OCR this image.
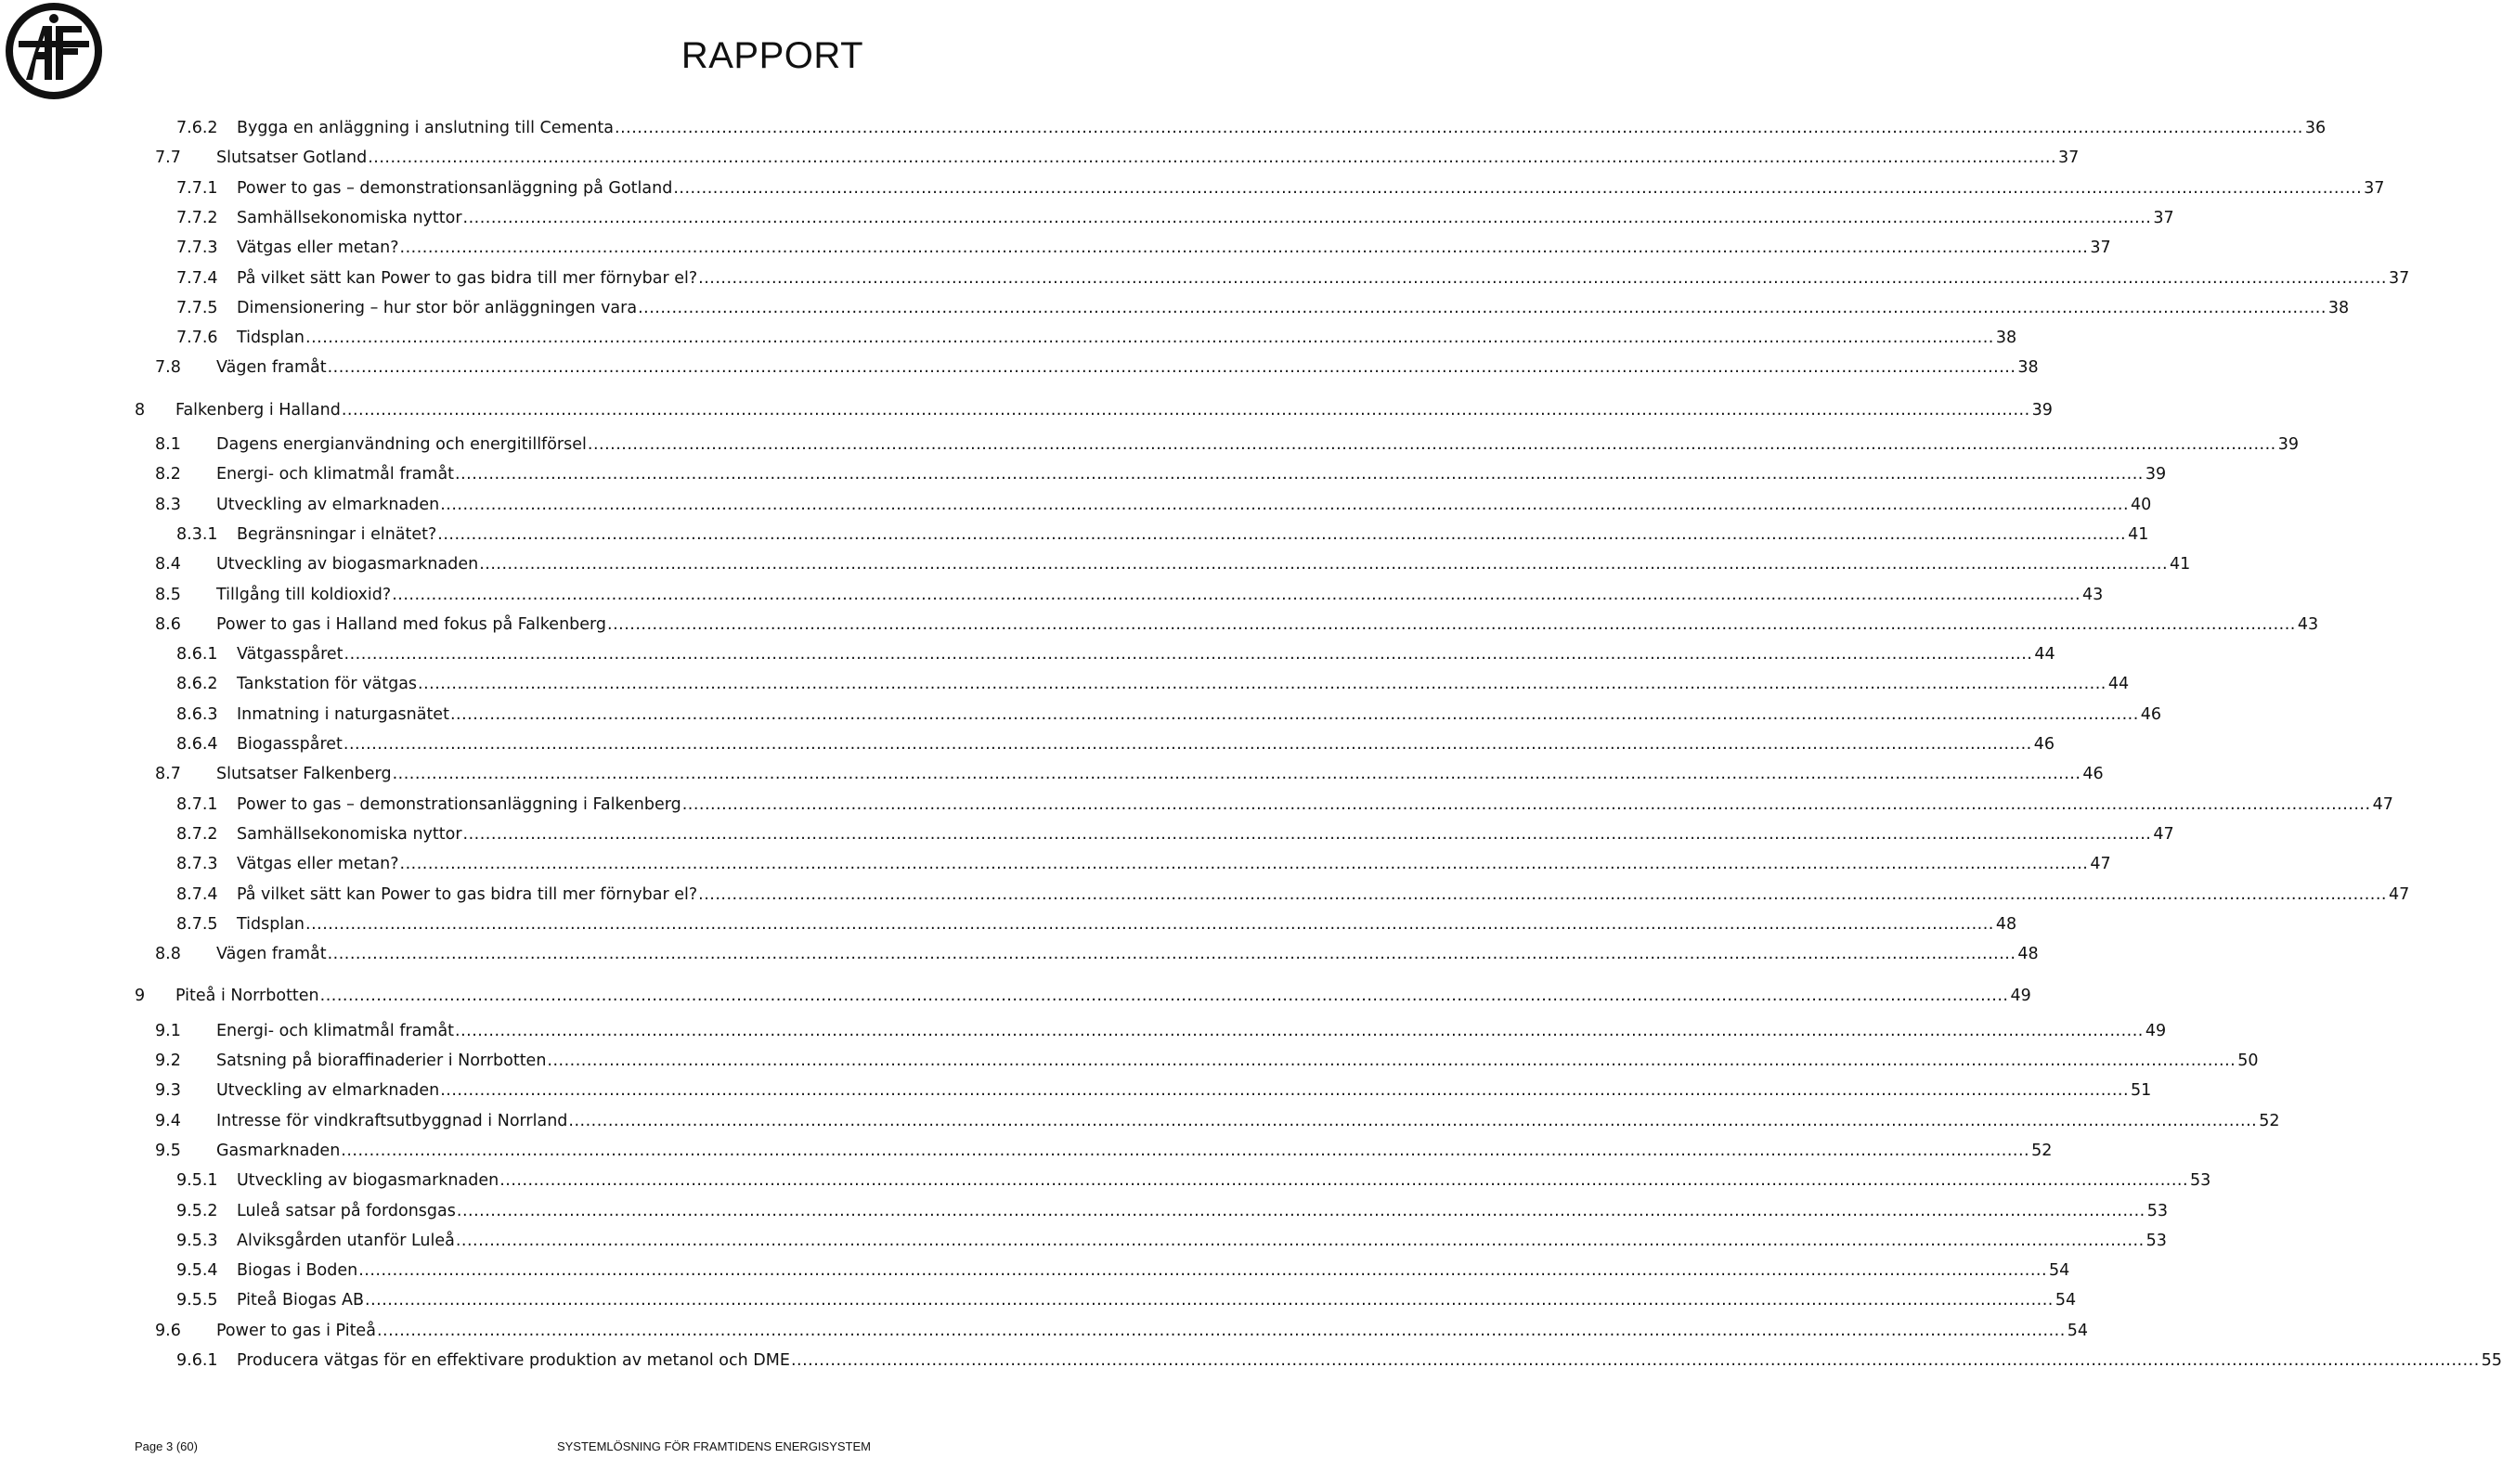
RAPPORT
7.6.2	Bygga en anläggning i anslutning till Cementa ............................................................................................................................................................................................................................................................................................................ 36
7.7	Slutsatser Gotland ............................................................................................................................................................................................................................................................................................................ 37
7.7.1	Power to gas – demonstrationsanläggning på Gotland ............................................................................................................................................................................................................................................................................................................ 37
7.7.2	Samhällsekonomiska nyttor ............................................................................................................................................................................................................................................................................................................ 37
7.7.3	Vätgas eller metan? ............................................................................................................................................................................................................................................................................................................ 37
7.7.4	På vilket sätt kan Power to gas bidra till mer förnybar el? ............................................................................................................................................................................................................................................................................................................ 37
7.7.5	Dimensionering – hur stor bör anläggningen vara ............................................................................................................................................................................................................................................................................................................ 38
7.7.6	Tidsplan ............................................................................................................................................................................................................................................................................................................ 38
7.8	Vägen framåt ............................................................................................................................................................................................................................................................................................................ 38
8	Falkenberg i Halland ............................................................................................................................................................................................................................................................................................................ 39
8.1	Dagens energianvändning och energitillförsel ............................................................................................................................................................................................................................................................................................................ 39
8.2	Energi- och klimatmål framåt ............................................................................................................................................................................................................................................................................................................ 39
8.3	Utveckling av elmarknaden ............................................................................................................................................................................................................................................................................................................ 40
8.3.1	Begränsningar i elnätet? ............................................................................................................................................................................................................................................................................................................ 41
8.4	Utveckling av biogasmarknaden ............................................................................................................................................................................................................................................................................................................ 41
8.5	Tillgång till koldioxid? ............................................................................................................................................................................................................................................................................................................ 43
8.6	Power to gas i Halland med fokus på Falkenberg ............................................................................................................................................................................................................................................................................................................ 43
8.6.1	Vätgasspåret ............................................................................................................................................................................................................................................................................................................ 44
8.6.2	Tankstation för vätgas ............................................................................................................................................................................................................................................................................................................ 44
8.6.3	Inmatning i naturgasnätet ............................................................................................................................................................................................................................................................................................................ 46
8.6.4	Biogasspåret ............................................................................................................................................................................................................................................................................................................ 46
8.7	Slutsatser Falkenberg ............................................................................................................................................................................................................................................................................................................ 46
8.7.1	Power to gas – demonstrationsanläggning i Falkenberg ............................................................................................................................................................................................................................................................................................................ 47
8.7.2	Samhällsekonomiska nyttor ............................................................................................................................................................................................................................................................................................................ 47
8.7.3	Vätgas eller metan? ............................................................................................................................................................................................................................................................................................................ 47
8.7.4	På vilket sätt kan Power to gas bidra till mer förnybar el? ............................................................................................................................................................................................................................................................................................................ 47
8.7.5	Tidsplan ............................................................................................................................................................................................................................................................................................................ 48
8.8	Vägen framåt ............................................................................................................................................................................................................................................................................................................ 48
9	Piteå i Norrbotten ............................................................................................................................................................................................................................................................................................................ 49
9.1	Energi- och klimatmål framåt ............................................................................................................................................................................................................................................................................................................ 49
9.2	Satsning på bioraffinaderier i Norrbotten ............................................................................................................................................................................................................................................................................................................ 50
9.3	Utveckling av elmarknaden ............................................................................................................................................................................................................................................................................................................ 51
9.4	Intresse för vindkraftsutbyggnad i Norrland ............................................................................................................................................................................................................................................................................................................ 52
9.5	Gasmarknaden ............................................................................................................................................................................................................................................................................................................ 52
9.5.1	Utveckling av biogasmarknaden ............................................................................................................................................................................................................................................................................................................ 53
9.5.2	Luleå satsar på fordonsgas ............................................................................................................................................................................................................................................................................................................ 53
9.5.3	Alviksgården utanför Luleå ............................................................................................................................................................................................................................................................................................................ 53
9.5.4	Biogas i Boden ............................................................................................................................................................................................................................................................................................................ 54
9.5.5	Piteå Biogas AB ............................................................................................................................................................................................................................................................................................................ 54
9.6	Power to gas i Piteå ............................................................................................................................................................................................................................................................................................................ 54
9.6.1	Producera vätgas för en effektivare produktion av metanol och DME ............................................................................................................................................................................................................................................................................................................ 55
Page 3 (60)	SYSTEMLÖSNING FÖR FRAMTIDENS ENERGISYSTEM
